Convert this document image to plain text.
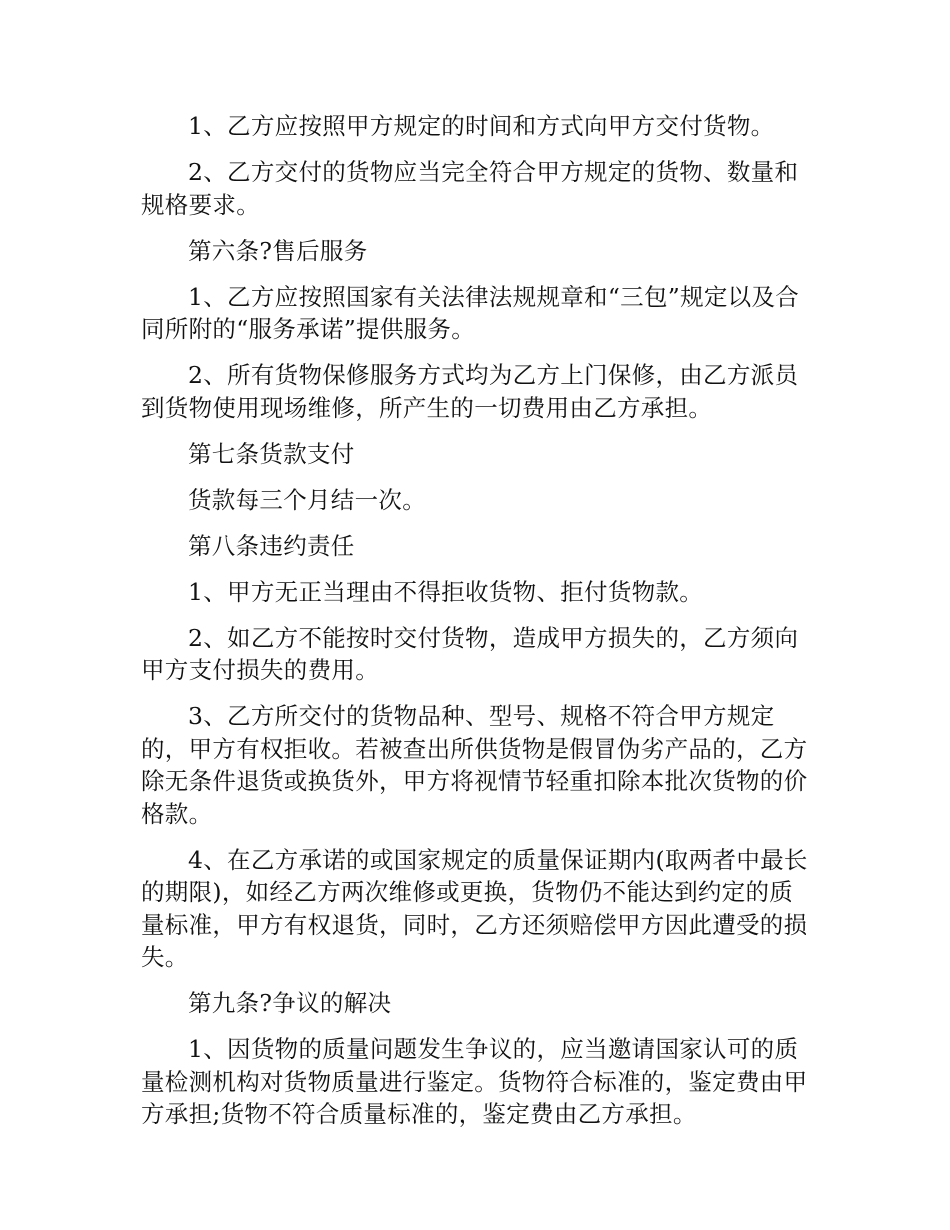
1、乙方应按照甲方规定的时间和方式向甲方交付货物。

2、乙方交付的货物应当完全符合甲方规定的货物、数量和规格要求。

第六条?售后服务

1、乙方应按照国家有关法律法规规章和“三包”规定以及合同所附的“服务承诺”提供服务。

2、所有货物保修服务方式均为乙方上门保修，由乙方派员到货物使用现场维修，所产生的一切费用由乙方承担。

第七条货款支付

货款每三个月结一次。

第八条违约责任

1、甲方无正当理由不得拒收货物、拒付货物款。

2、如乙方不能按时交付货物，造成甲方损失的，乙方须向甲方支付损失的费用。

3、乙方所交付的货物品种、型号、规格不符合甲方规定的，甲方有权拒收。若被查出所供货物是假冒伪劣产品的，乙方除无条件退货或换货外，甲方将视情节轻重扣除本批次货物的价格款。

4、在乙方承诺的或国家规定的质量保证期内(取两者中最长的期限)，如经乙方两次维修或更换，货物仍不能达到约定的质量标准，甲方有权退货，同时，乙方还须赔偿甲方因此遭受的损失。

第九条?争议的解决

1、因货物的质量问题发生争议的，应当邀请国家认可的质量检测机构对货物质量进行鉴定。货物符合标准的，鉴定费由甲方承担;货物不符合质量标准的，鉴定费由乙方承担。
